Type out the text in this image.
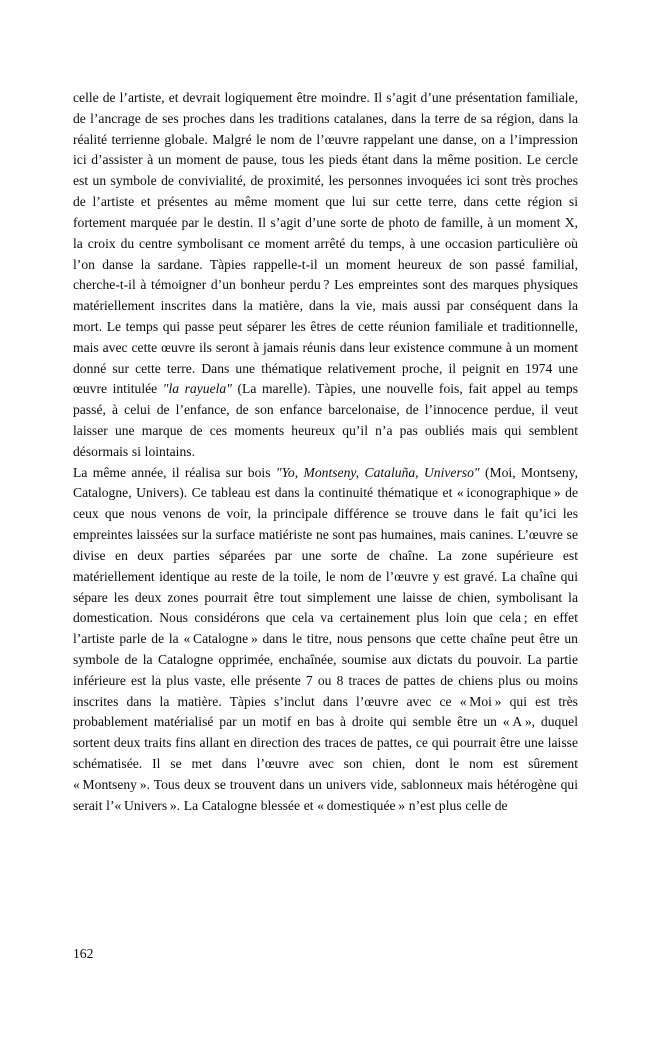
celle de l’artiste, et devrait logiquement être moindre. Il s’agit d’une présentation familiale, de l’ancrage de ses proches dans les traditions catalanes, dans la terre de sa région, dans la réalité terrienne globale. Malgré le nom de l’œuvre rappelant une danse, on a l’impression ici d’assister à un moment de pause, tous les pieds étant dans la même position. Le cercle est un symbole de convivialité, de proximité, les personnes invoquées ici sont très proches de l’artiste et présentes au même moment que lui sur cette terre, dans cette région si fortement marquée par le destin. Il s’agit d’une sorte de photo de famille, à un moment X, la croix du centre symbolisant ce moment arrêté du temps, à une occasion particulière où l’on danse la sardane. Tàpies rappelle-t-il un moment heureux de son passé familial, cherche-t-il à témoigner d’un bonheur perdu ? Les empreintes sont des marques physiques matériellement inscrites dans la matière, dans la vie, mais aussi par conséquent dans la mort. Le temps qui passe peut séparer les êtres de cette réunion familiale et traditionnelle, mais avec cette œuvre ils seront à jamais réunis dans leur existence commune à un moment donné sur cette terre. Dans une thématique relativement proche, il peignit en 1974 une œuvre intitulée "la rayuela" (La marelle). Tàpies, une nouvelle fois, fait appel au temps passé, à celui de l’enfance, de son enfance barcelonaise, de l’innocence perdue, il veut laisser une marque de ces moments heureux qu’il n’a pas oubliés mais qui semblent désormais si lointains.

La même année, il réalisa sur bois "Yo, Montseny, Cataluña, Universo" (Moi, Montseny, Catalogne, Univers). Ce tableau est dans la continuité thématique et « iconographique » de ceux que nous venons de voir, la principale différence se trouve dans le fait qu’ici les empreintes laissées sur la surface matiériste ne sont pas humaines, mais canines. L’œuvre se divise en deux parties séparées par une sorte de chaîne. La zone supérieure est matériellement identique au reste de la toile, le nom de l’œuvre y est gravé. La chaîne qui sépare les deux zones pourrait être tout simplement une laisse de chien, symbolisant la domestication. Nous considérons que cela va certainement plus loin que cela ; en effet l’artiste parle de la « Catalogne » dans le titre, nous pensons que cette chaîne peut être un symbole de la Catalogne opprimée, enchaînée, soumise aux dictats du pouvoir. La partie inférieure est la plus vaste, elle présente 7 ou 8 traces de pattes de chiens plus ou moins inscrites dans la matière. Tàpies s’inclut dans l’œuvre avec ce « Moi » qui est très probablement matérialisé par un motif en bas à droite qui semble être un « A », duquel sortent deux traits fins allant en direction des traces de pattes, ce qui pourrait être une laisse schématisée. Il se met dans l’œuvre avec son chien, dont le nom est sûrement « Montseny ». Tous deux se trouvent dans un univers vide, sablonneux mais hétérogène qui serait l’« Univers ». La Catalogne blessée et « domestiquée » n’est plus celle de

162
